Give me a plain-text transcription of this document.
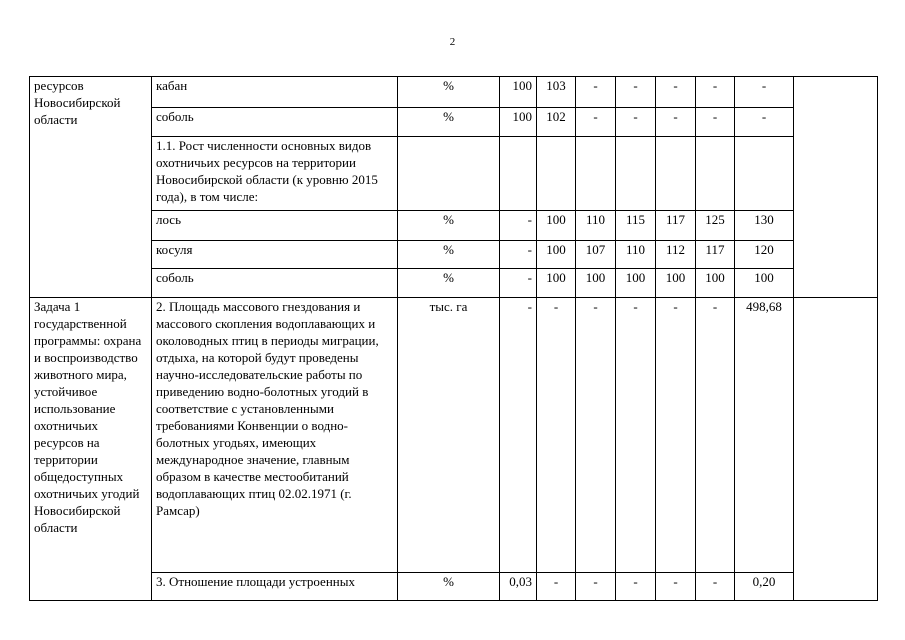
2
ресурсов Новосибирской области	кабан	%	100	103	-	-	-	-	-	
	соболь	%	100	102	-	-	-	-	-	
	1.1. Рост численности основных видов охотничьих ресурсов на территории Новосибирской области (к уровню 2015 года), в том числе:									
	лось	%	-	100	110	115	117	125	130	
	косуля	%	-	100	107	110	112	117	120	
	соболь	%	-	100	100	100	100	100	100	
Задача 1 государственной программы: охрана и воспроизводство животного мира, устойчивое использование охотничьих ресурсов на территории общедоступных охотничьих угодий Новосибирской области	2. Площадь массового гнездования и массового скопления водоплавающих и околоводных птиц в периоды миграции, отдыха, на которой будут проведены научно-исследовательские работы по приведению водно-болотных угодий в соответствие с установленными требованиями Конвенции о водно-болотных угодьях, имеющих международное значение, главным образом в качестве местообитаний водоплавающих птиц 02.02.1971 (г. Рамсар)	тыс. га	-	-	-	-	-	-	498,68	
	3. Отношение площади устроенных	%	0,03	-	-	-	-	-	0,20	
